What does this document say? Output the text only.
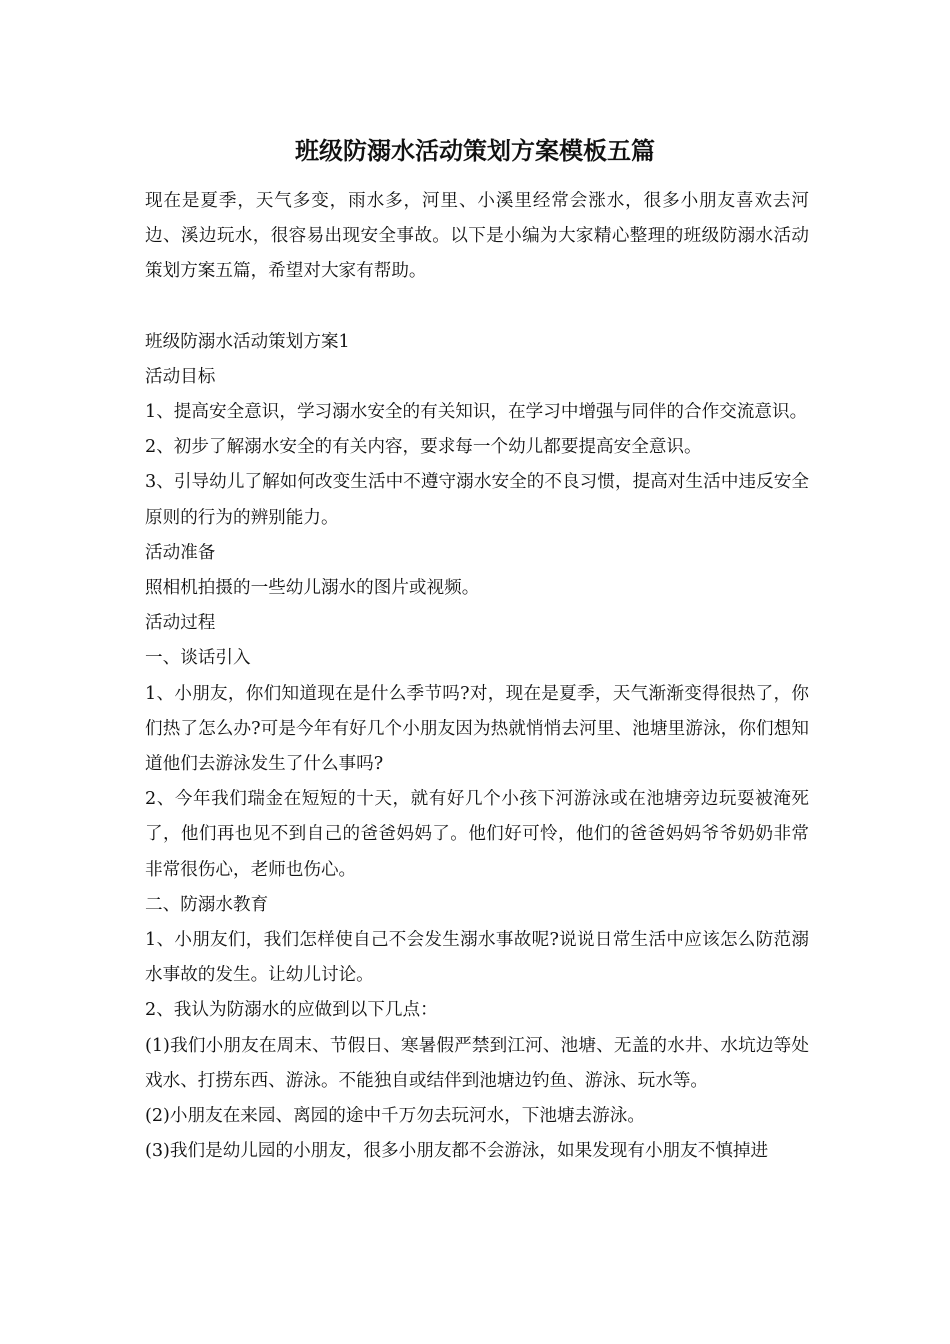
班级防溺水活动策划方案模板五篇

现在是夏季，天气多变，雨水多，河里、小溪里经常会涨水，很多小朋友喜欢去河边、溪边玩水，很容易出现安全事故。以下是小编为大家精心整理的班级防溺水活动策划方案五篇，希望对大家有帮助。

班级防溺水活动策划方案1

活动目标

1、提高安全意识，学习溺水安全的有关知识，在学习中增强与同伴的合作交流意识。

2、初步了解溺水安全的有关内容，要求每一个幼儿都要提高安全意识。

3、引导幼儿了解如何改变生活中不遵守溺水安全的不良习惯，提高对生活中违反安全原则的行为的辨别能力。

活动准备

照相机拍摄的一些幼儿溺水的图片或视频。

活动过程

一、谈话引入

1、小朋友，你们知道现在是什么季节吗?对，现在是夏季，天气渐渐变得很热了，你们热了怎么办?可是今年有好几个小朋友因为热就悄悄去河里、池塘里游泳，你们想知道他们去游泳发生了什么事吗?

2、今年我们瑞金在短短的十天，就有好几个小孩下河游泳或在池塘旁边玩耍被淹死了，他们再也见不到自己的爸爸妈妈了。他们好可怜，他们的爸爸妈妈爷爷奶奶非常非常很伤心，老师也伤心。

二、防溺水教育

1、小朋友们，我们怎样使自己不会发生溺水事故呢?说说日常生活中应该怎么防范溺水事故的发生。让幼儿讨论。

2、我认为防溺水的应做到以下几点：

(1)我们小朋友在周末、节假日、寒暑假严禁到江河、池塘、无盖的水井、水坑边等处戏水、打捞东西、游泳。不能独自或结伴到池塘边钓鱼、游泳、玩水等。

(2)小朋友在来园、离园的途中千万勿去玩河水，下池塘去游泳。

(3)我们是幼儿园的小朋友，很多小朋友都不会游泳，如果发现有小朋友不慎掉进
